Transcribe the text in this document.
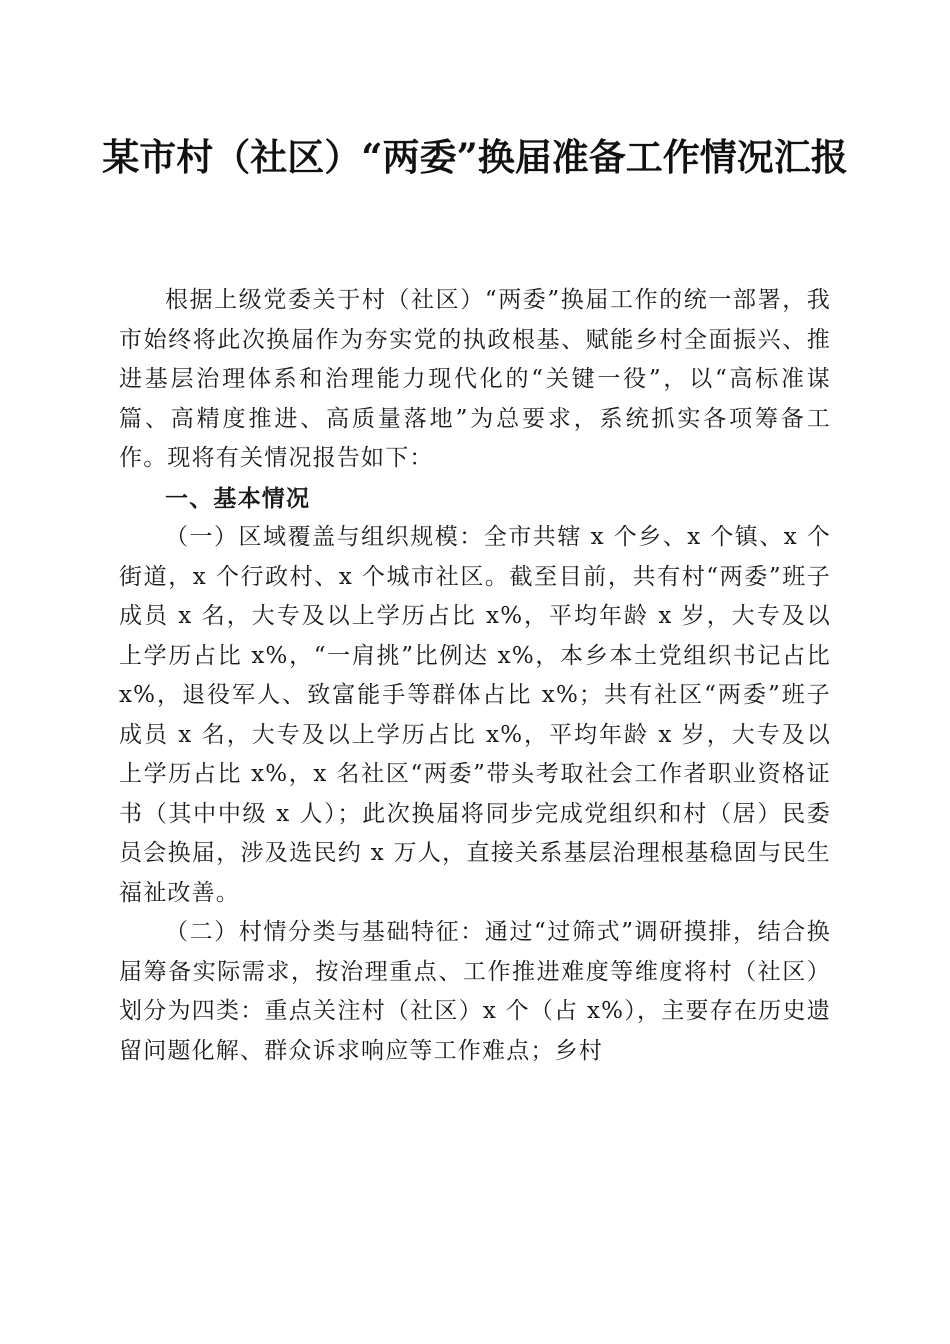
某市村（社区）“两委”换届准备工作情况汇报

根据上级党委关于村（社区）“两委”换届工作的统一部署，我市始终将此次换届作为夯实党的执政根基、赋能乡村全面振兴、推进基层治理体系和治理能力现代化的“关键一役”，以“高标准谋篇、高精度推进、高质量落地”为总要求，系统抓实各项筹备工作。现将有关情况报告如下：

一、基本情况

（一）区域覆盖与组织规模：全市共辖 x 个乡、x 个镇、x 个街道，x 个行政村、x 个城市社区。截至目前，共有村“两委”班子成员 x 名，大专及以上学历占比 x%，平均年龄 x 岁，大专及以上学历占比 x%，“一肩挑”比例达 x%，本乡本土党组织书记占比 x%，退役军人、致富能手等群体占比 x%；共有社区“两委”班子成员 x 名，大专及以上学历占比 x%，平均年龄 x 岁，大专及以上学历占比 x%，x 名社区“两委”带头考取社会工作者职业资格证书（其中中级 x 人）；此次换届将同步完成党组织和村（居）民委员会换届，涉及选民约 x 万人，直接关系基层治理根基稳固与民生福祉改善。

（二）村情分类与基础特征：通过“过筛式”调研摸排，结合换届筹备实际需求，按治理重点、工作推进难度等维度将村（社区）划分为四类：重点关注村（社区）x 个（占 x%），主要存在历史遗留问题化解、群众诉求响应等工作难点；乡村
